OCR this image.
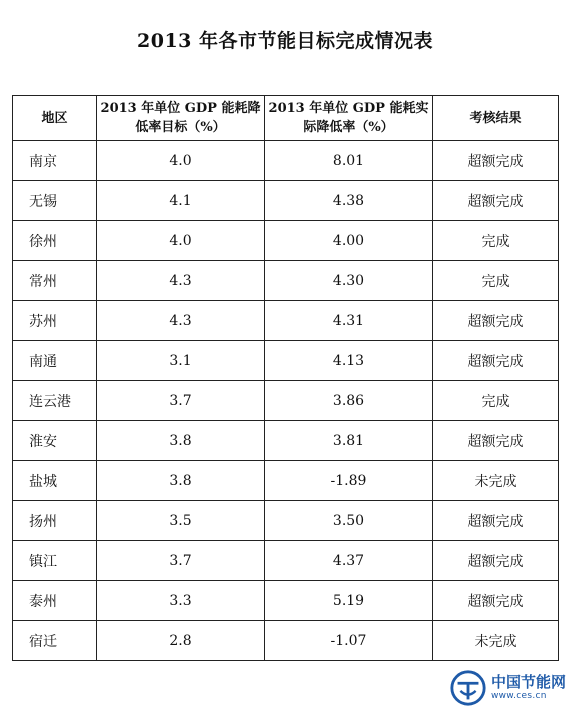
2013 年各市节能目标完成情况表
地区	2013 年单位 GDP 能耗降低率目标（%）	2013 年单位 GDP 能耗实际降低率（%）	考核结果
南京	4.0	8.01	超额完成
无锡	4.1	4.38	超额完成
徐州	4.0	4.00	完成
常州	4.3	4.30	完成
苏州	4.3	4.31	超额完成
南通	3.1	4.13	超额完成
连云港	3.7	3.86	完成
淮安	3.8	3.81	超额完成
盐城	3.8	-1.89	未完成
扬州	3.5	3.50	超额完成
镇江	3.7	4.37	超额完成
泰州	3.3	5.19	超额完成
宿迁	2.8	-1.07	未完成
中国节能网
www.ces.cn
